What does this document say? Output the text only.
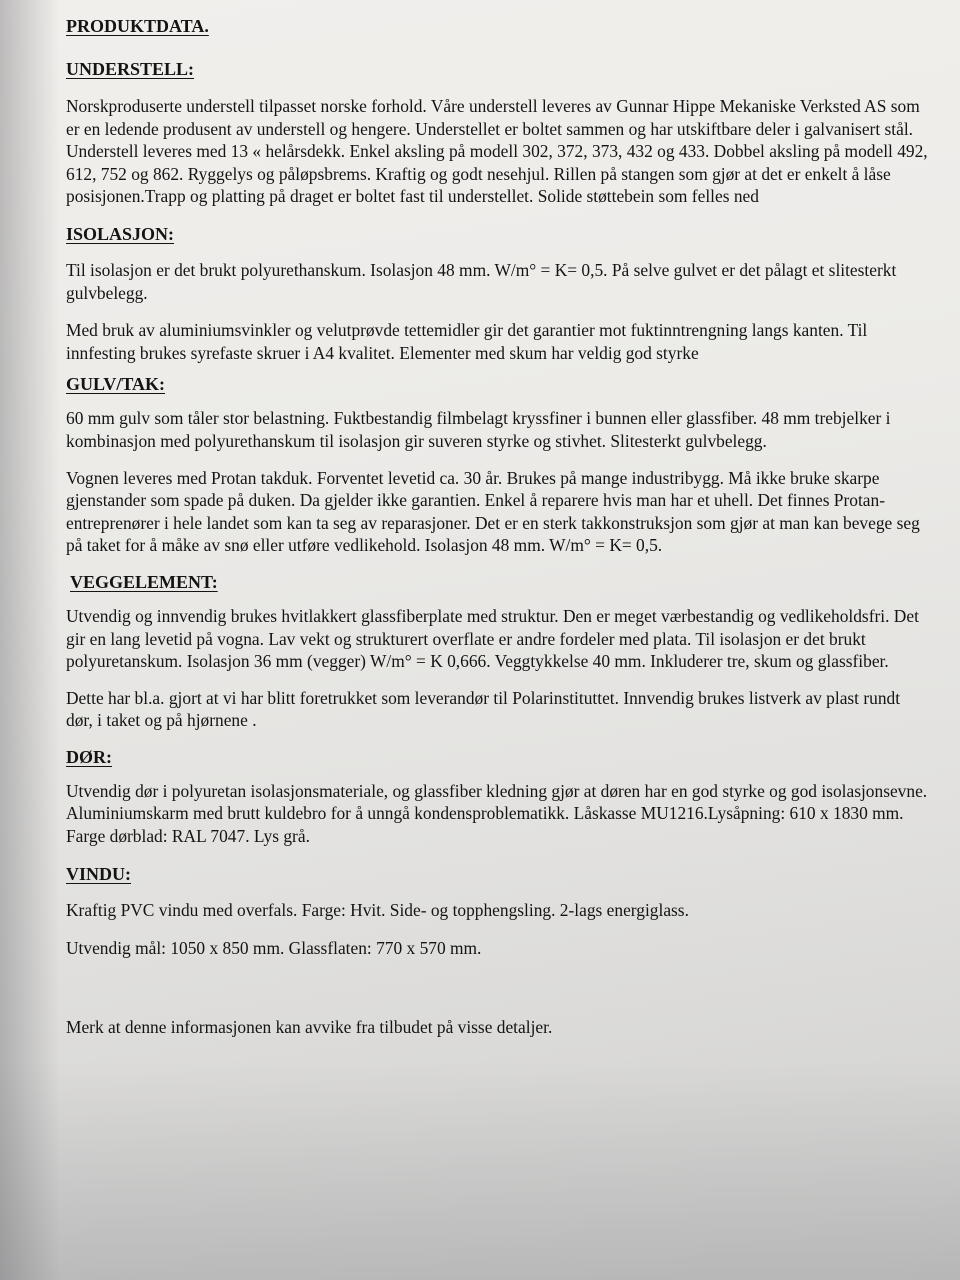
PRODUKTDATA.
UNDERSTELL:

Norskproduserte understell tilpasset norske forhold. Våre understell leveres av Gunnar Hippe Mekaniske Verksted AS som er en ledende produsent av understell og hengere. Understellet er boltet sammen og har utskiftbare deler i galvanisert stål. Understell leveres med 13 « helårsdekk. Enkel aksling på modell 302, 372, 373, 432 og 433. Dobbel aksling på modell 492, 612, 752 og 862. Ryggelys og påløpsbrems. Kraftig og godt nesehjul. Rillen på stangen som gjør at det er enkelt å låse posisjonen.Trapp og platting på draget er boltet fast til understellet. Solide støttebein som felles ned

ISOLASJON:

Til isolasjon er det brukt polyurethanskum. Isolasjon 48 mm. W/m° = K= 0,5. På selve gulvet er det pålagt et slitesterkt gulvbelegg.

Med bruk av aluminiumsvinkler og velutprøvde tettemidler gir det garantier mot fuktinntrengning langs kanten. Til innfesting brukes syrefaste skruer i A4 kvalitet. Elementer med skum har veldig god styrke

GULV/TAK:

60 mm gulv som tåler stor belastning. Fuktbestandig filmbelagt kryssfiner i bunnen eller glassfiber. 48 mm trebjelker i kombinasjon med polyurethanskum til isolasjon gir suveren styrke og stivhet. Slitesterkt gulvbelegg.

Vognen leveres med Protan takduk. Forventet levetid ca. 30 år. Brukes på mange industribygg. Må ikke bruke skarpe gjenstander som spade på duken. Da gjelder ikke garantien. Enkel å reparere hvis man har et uhell. Det finnes Protan-entreprenører i hele landet som kan ta seg av reparasjoner. Det er en sterk takkonstruksjon som gjør at man kan bevege seg på taket for å måke av snø eller utføre vedlikehold. Isolasjon 48 mm. W/m° = K= 0,5.

VEGGELEMENT:

Utvendig og innvendig brukes hvitlakkert glassfiberplate med struktur. Den er meget værbestandig og vedlikeholdsfri. Det gir en lang levetid på vogna. Lav vekt og strukturert overflate er andre fordeler med plata. Til isolasjon er det brukt polyuretanskum. Isolasjon 36 mm (vegger) W/m° = K 0,666. Veggtykkelse 40 mm. Inkluderer tre, skum og glassfiber.

Dette har bl.a. gjort at vi har blitt foretrukket som leverandør til Polarinstituttet. Innvendig brukes listverk av plast rundt dør, i taket og på hjørnene .

DØR:

Utvendig dør i polyuretan isolasjonsmateriale, og glassfiber kledning gjør at døren har en god styrke og god isolasjonsevne. Aluminiumskarm med brutt kuldebro for å unngå kondensproblematikk. Låskasse MU1216.Lysåpning: 610 x 1830 mm. Farge dørblad: RAL 7047. Lys grå.

VINDU:

Kraftig PVC vindu med overfals. Farge: Hvit. Side- og topphengsling. 2-lags energiglass.

Utvendig mål: 1050 x 850 mm. Glassflaten: 770 x 570 mm.

Merk at denne informasjonen kan avvike fra tilbudet på visse detaljer.
